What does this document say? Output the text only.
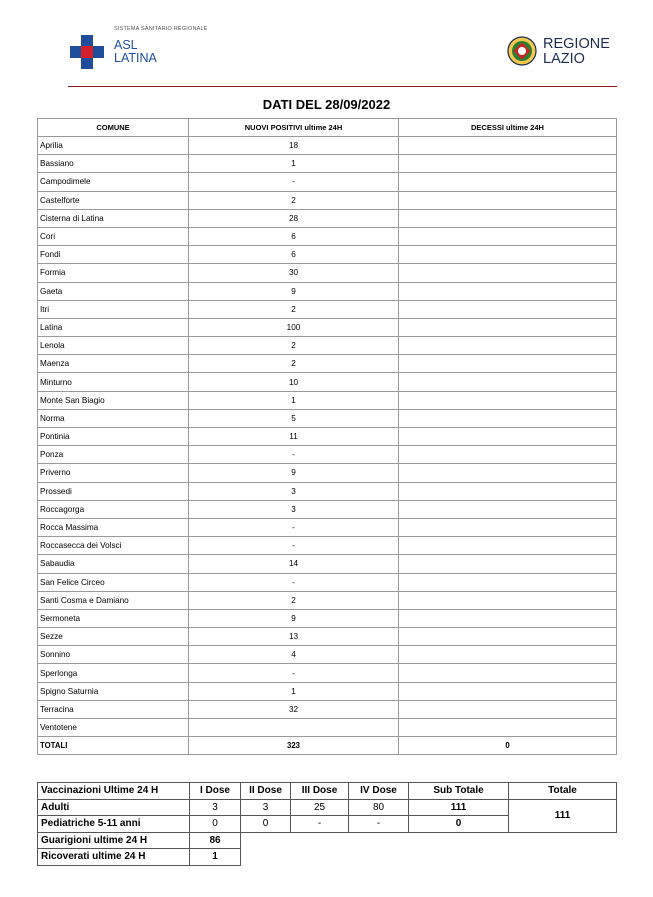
SISTEMA SANITARIO REGIONALE
ASL
LATINA
REGIONE
LAZIO
DATI DEL 28/09/2022
COMUNE	NUOVI POSITIVI ultime 24H	DECESSI ultime 24H
Aprilia	18	
Bassiano	1	
Campodimele	-	
Castelforte	2	
Cisterna di Latina	28	
Cori	6	
Fondi	6	
Formia	30	
Gaeta	9	
Itri	2	
Latina	100	
Lenola	2	
Maenza	2	
Minturno	10	
Monte San Biagio	1	
Norma	5	
Pontinia	11	
Ponza	-	
Priverno	9	
Prossedi	3	
Roccagorga	3	
Rocca Massima	-	
Roccasecca dei Volsci	-	
Sabaudia	14	
San Felice Circeo	-	
Santi Cosma e Damiano	2	
Sermoneta	9	
Sezze	13	
Sonnino	4	
Sperlonga	-	
Spigno Saturnia	1	
Terracina	32	
Ventotene		
TOTALI	323	0
Vaccinazioni Ultime 24 H	I Dose	II Dose	III Dose	IV Dose	Sub Totale	Totale
Adulti	3	3	25	80	111	111
Pediatriche 5-11 anni	0	0	-	-	0	
Guarigioni ultime 24 H	86					
Ricoverati ultime 24 H	1					
